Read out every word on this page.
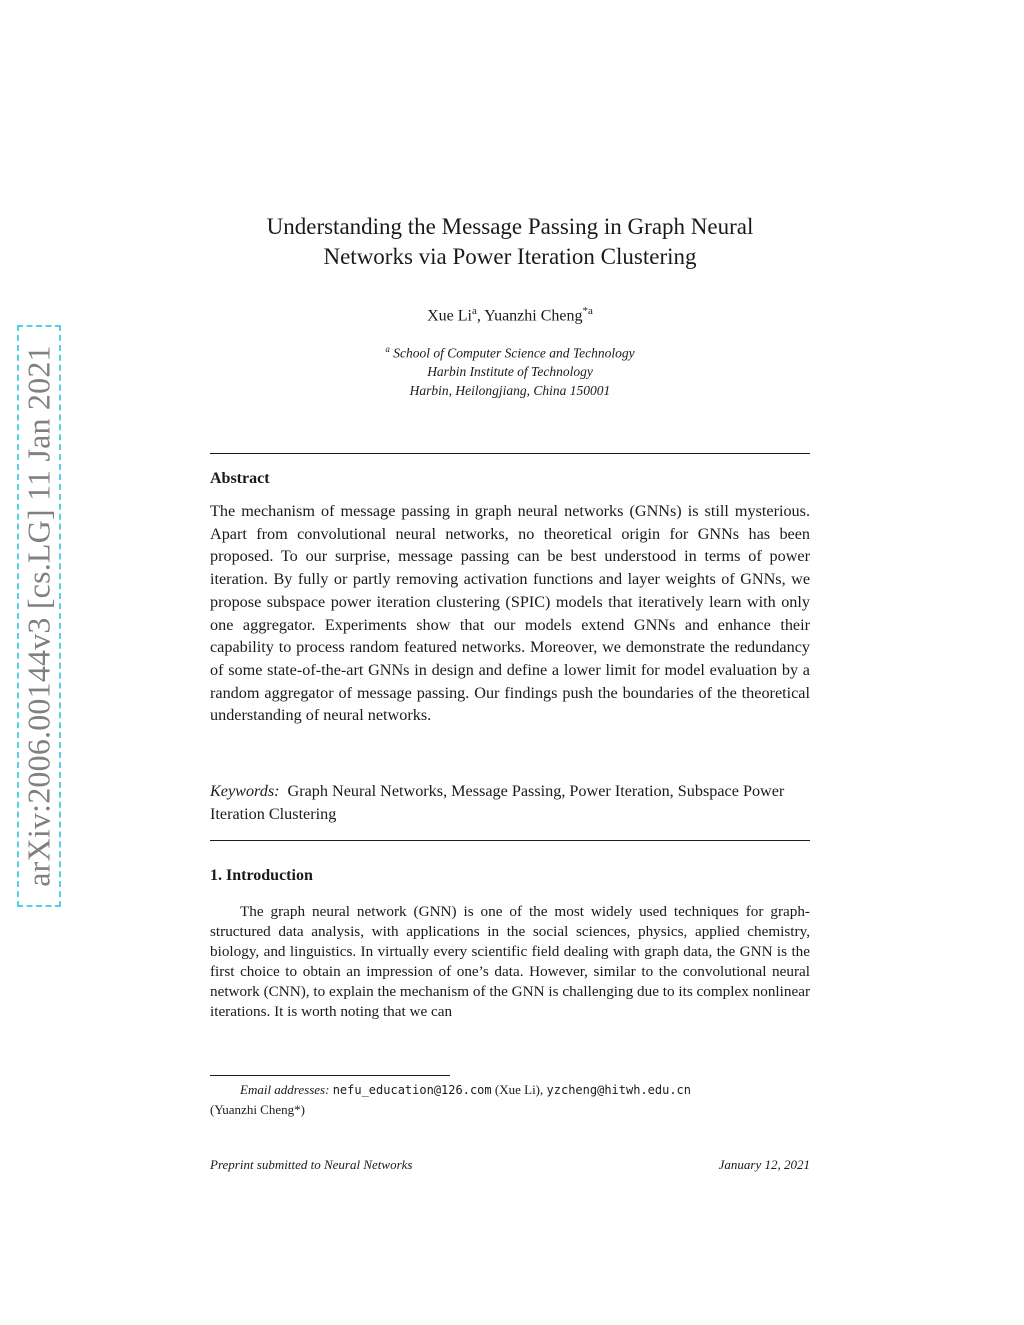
arXiv:2006.00144v3 [cs.LG] 11 Jan 2021
Understanding the Message Passing in Graph Neural
Networks via Power Iteration Clustering
Xue Li$^a$, Yuanzhi Cheng$^{*a}$
$^a$ School of Computer Science and Technology
Harbin Institute of Technology
Harbin, Heilongjiang, China 150001
Abstract
The mechanism of message passing in graph neural networks (GNNs) is still mysterious. Apart from convolutional neural networks, no theoretical origin for GNNs has been proposed. To our surprise, message passing can be best understood in terms of power iteration. By fully or partly removing activation functions and layer weights of GNNs, we propose subspace power iteration clustering (SPIC) models that iteratively learn with only one aggregator. Experiments show that our models extend GNNs and enhance their capability to process random featured networks. Moreover, we demonstrate the redundancy of some state-of-the-art GNNs in design and define a lower limit for model evaluation by a random aggregator of message passing. Our findings push the boundaries of the theoretical understanding of neural networks.
Keywords: Graph Neural Networks, Message Passing, Power Iteration, Subspace Power Iteration Clustering
1. Introduction
The graph neural network (GNN) is one of the most widely used techniques for graph-structured data analysis, with applications in the social sciences, physics, applied chemistry, biology, and linguistics. In virtually every scientific field dealing with graph data, the GNN is the first choice to obtain an impression of one’s data. However, similar to the convolutional neural network (CNN), to explain the mechanism of the GNN is challenging due to its complex nonlinear iterations. It is worth noting that we can
Email addresses: nefu_education@126.com (Xue Li), yzcheng@hitwh.edu.cn
(Yuanzhi Cheng*)
Preprint submitted to Neural Networks	January 12, 2021
